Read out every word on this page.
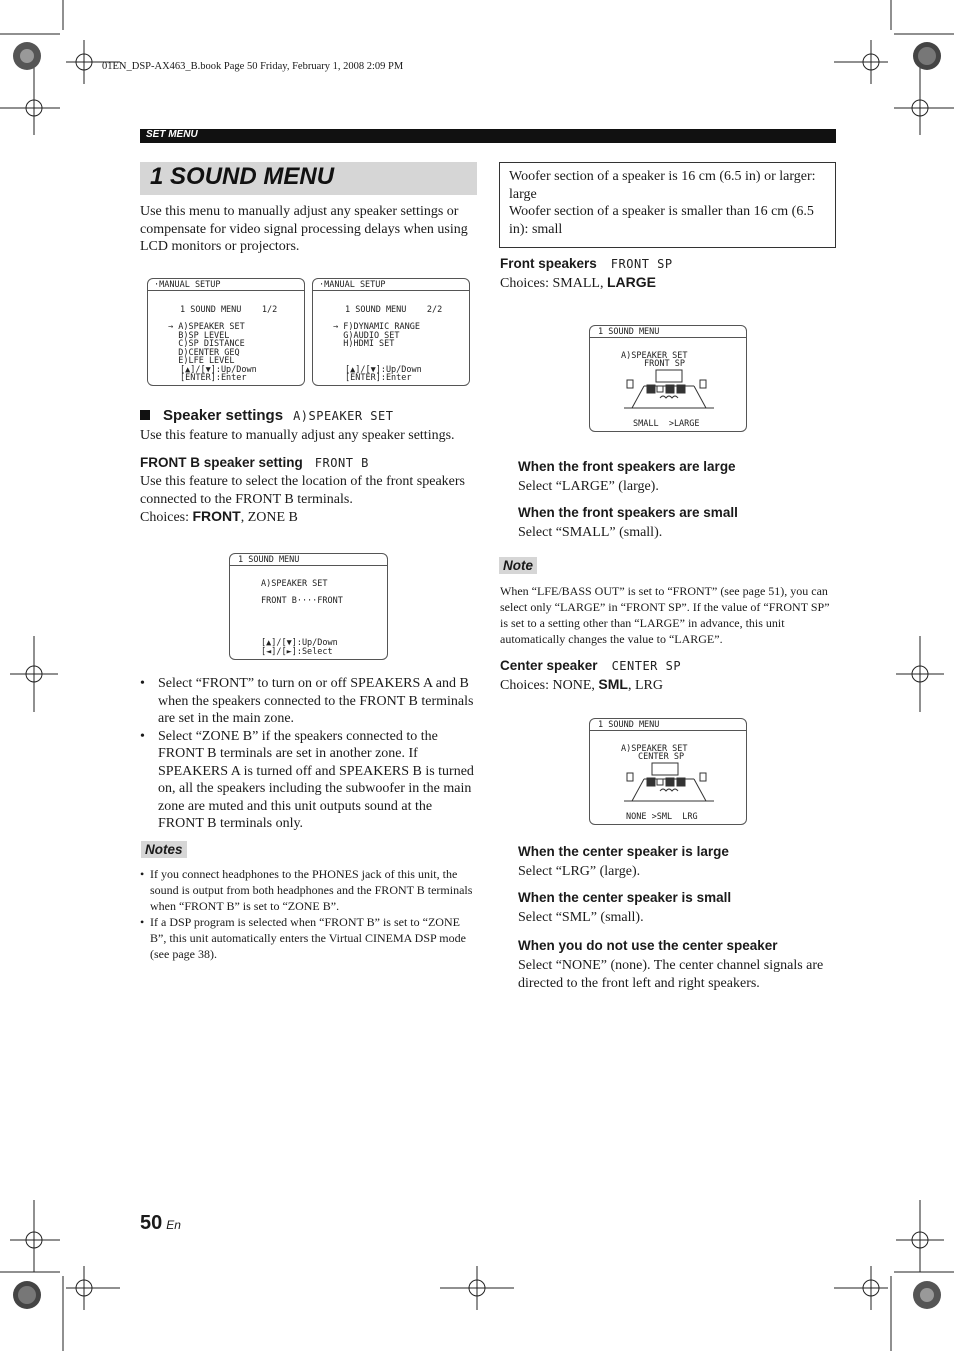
01EN_DSP-AX463_B.book Page 50 Friday, February 1, 2008 2:09 PM
SET MENU
1 SOUND MENU
Use this menu to manually adjust any speaker settings or compensate for video signal processing delays when using LCD monitors or projectors.
·MANUAL SETUP
1 SOUND MENU    1/2
→ A)SPEAKER SET
B)SP LEVEL
C)SP DISTANCE
D)CENTER GEQ
E)LFE LEVEL
[▲]/[▼]:Up/Down
[ENTER]:Enter
·MANUAL SETUP
1 SOUND MENU    2/2
→ F)DYNAMIC RANGE
G)AUDIO SET
H)HDMI SET
[▲]/[▼]:Up/Down
[ENTER]:Enter
Speaker settings A)SPEAKER SET
Use this feature to manually adjust any speaker settings.
FRONT B speaker setting FRONT B
Use this feature to select the location of the front speakers connected to the FRONT B terminals.
Choices: FRONT, ZONE B
1 SOUND MENU
A)SPEAKER SET
FRONT B····FRONT
[▲]/[▼]:Up/Down
[◄]/[►]:Select
• Select “FRONT” to turn on or off SPEAKERS A and B when the speakers connected to the FRONT B terminals are set in the main zone.
• Select “ZONE B” if the speakers connected to the FRONT B terminals are set in another zone. If SPEAKERS A is turned off and SPEAKERS B is turned on, all the speakers including the subwoofer in the main zone are muted and this unit outputs sound at the FRONT B terminals only.
Notes
• If you connect headphones to the PHONES jack of this unit, the sound is output from both headphones and the FRONT B terminals when “FRONT B” is set to “ZONE B”.
• If a DSP program is selected when “FRONT B” is set to “ZONE B”, this unit automatically enters the Virtual CINEMA DSP mode (see page 38).
Woofer section of a speaker is 16 cm (6.5 in) or larger: large
Woofer section of a speaker is smaller than 16 cm (6.5 in): small
Front speakers FRONT SP
Choices: SMALL, LARGE
1 SOUND MENU
A)SPEAKER SET
FRONT SP
SMALL  >LARGE
When the front speakers are large
Select “LARGE” (large).
When the front speakers are small
Select “SMALL” (small).
Note
When “LFE/BASS OUT” is set to “FRONT” (see page 51), you can select only “LARGE” in “FRONT SP”. If the value of “FRONT SP” is set to a setting other than “LARGE” in advance, this unit automatically changes the value to “LARGE”.
Center speaker CENTER SP
Choices: NONE, SML, LRG
1 SOUND MENU
A)SPEAKER SET
CENTER SP
NONE >SML  LRG
When the center speaker is large
Select “LRG” (large).
When the center speaker is small
Select “SML” (small).
When you do not use the center speaker
Select “NONE” (none). The center channel signals are directed to the front left and right speakers.
50 En
